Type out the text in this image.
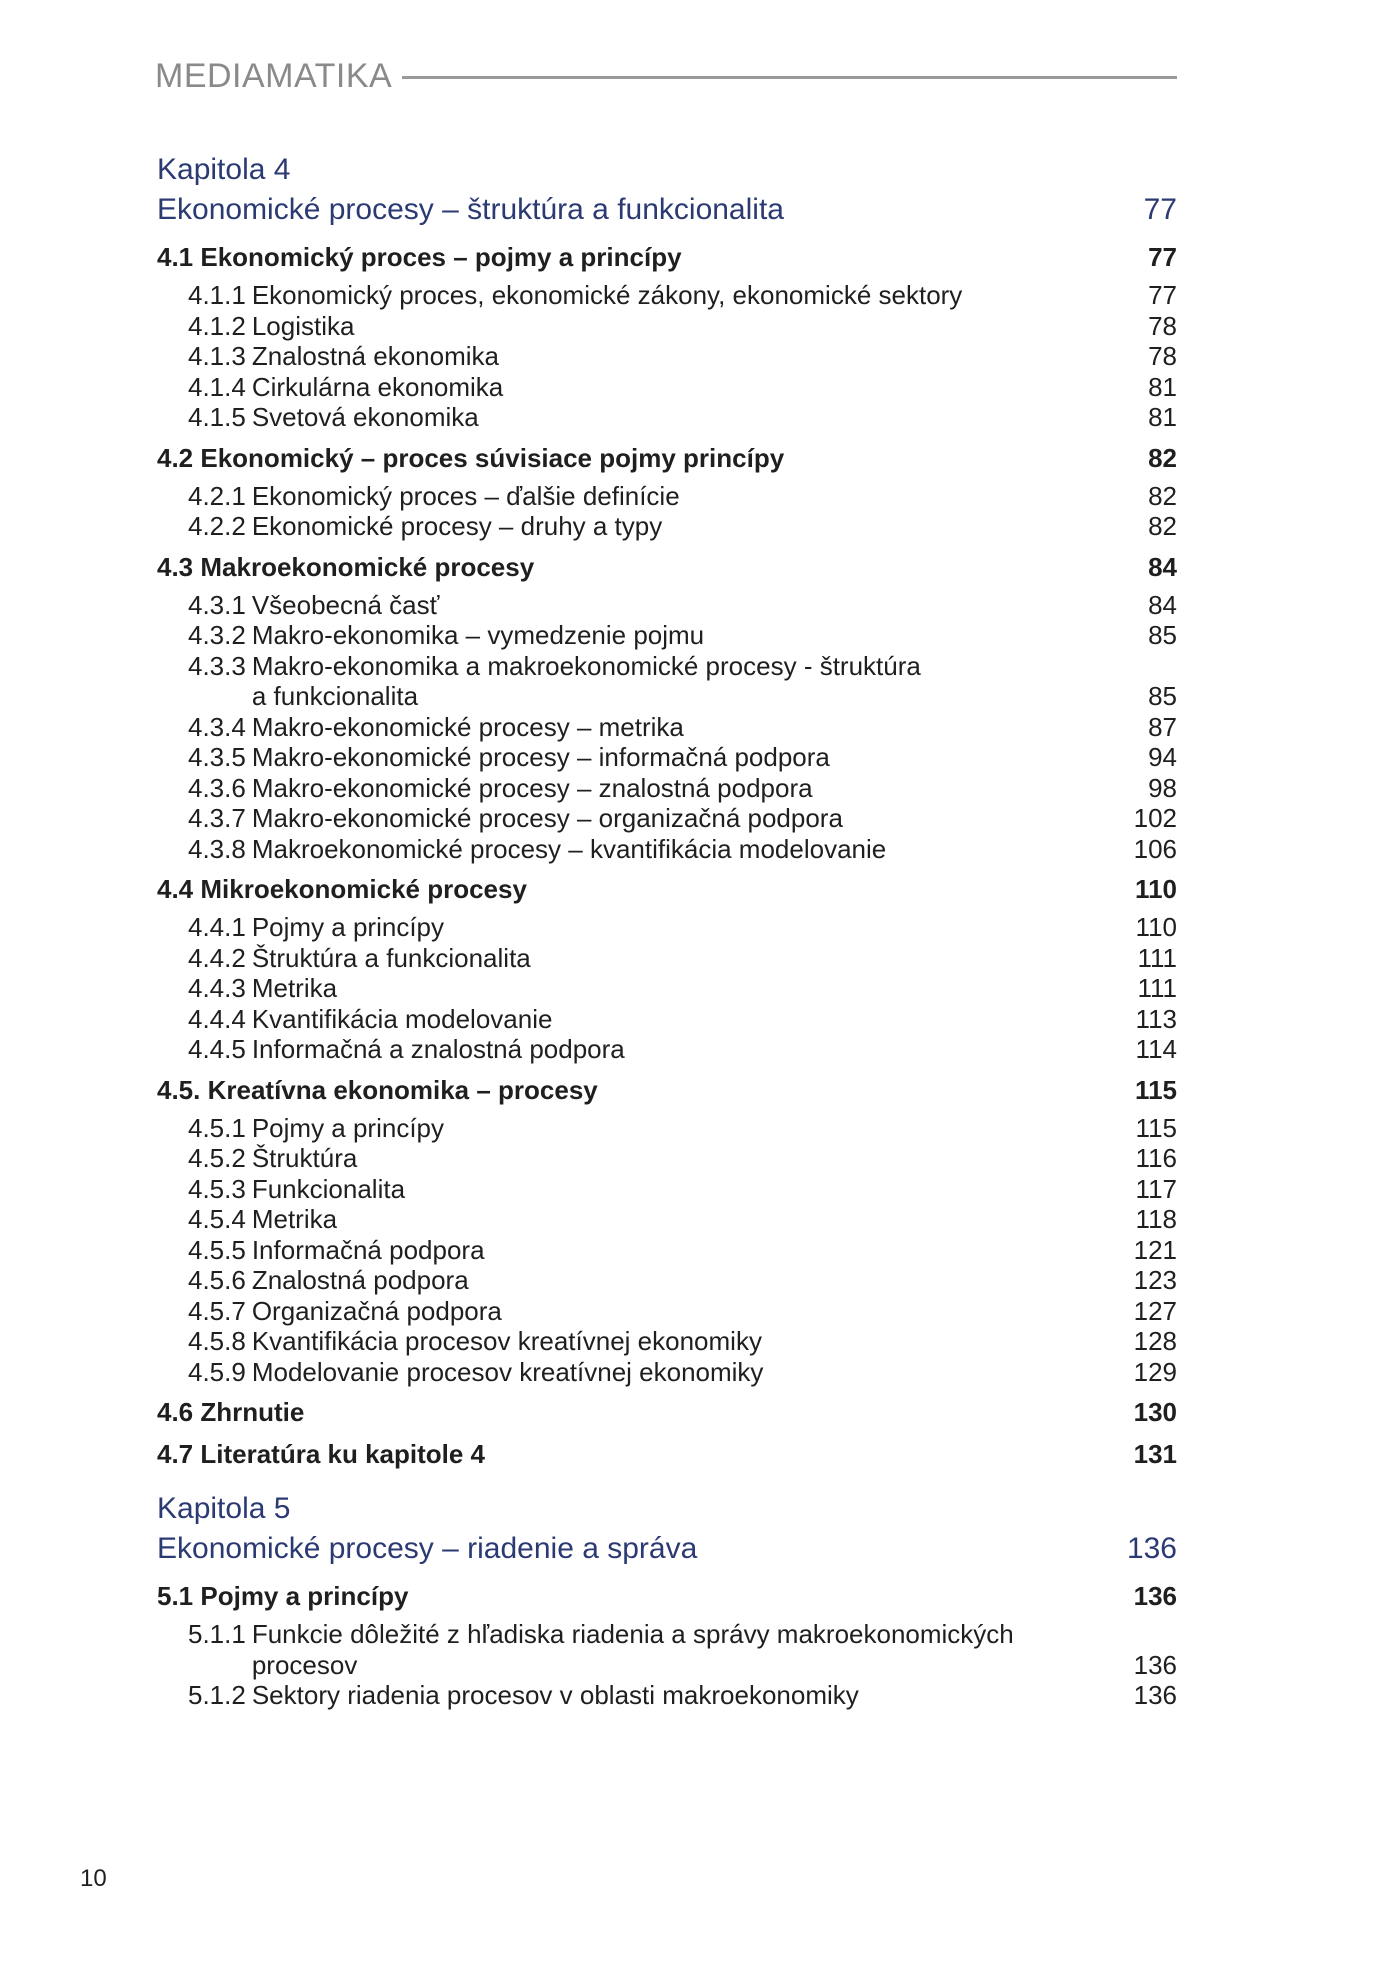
MEDIAMATIKA
Kapitola 4
Ekonomické procesy – štruktúra a funkcionalita	77
4.1 Ekonomický proces – pojmy a princípy	77
4.1.1 Ekonomický proces, ekonomické zákony, ekonomické sektory	77
4.1.2 Logistika	78
4.1.3 Znalostná ekonomika	78
4.1.4 Cirkulárna ekonomika	81
4.1.5 Svetová ekonomika	81
4.2 Ekonomický – proces súvisiace pojmy princípy	82
4.2.1 Ekonomický proces – ďalšie definície	82
4.2.2 Ekonomické procesy – druhy a typy	82
4.3 Makroekonomické procesy	84
4.3.1 Všeobecná časť	84
4.3.2 Makro-ekonomika – vymedzenie pojmu	85
4.3.3 Makro-ekonomika a makroekonomické procesy - štruktúra
a funkcionalita	85
4.3.4 Makro-ekonomické procesy – metrika	87
4.3.5 Makro-ekonomické procesy – informačná podpora	94
4.3.6 Makro-ekonomické procesy – znalostná podpora	98
4.3.7 Makro-ekonomické procesy – organizačná podpora	102
4.3.8 Makroekonomické procesy – kvantifikácia modelovanie	106
4.4 Mikroekonomické procesy	110
4.4.1 Pojmy a princípy	110
4.4.2 Štruktúra a funkcionalita	111
4.4.3 Metrika	111
4.4.4 Kvantifikácia modelovanie	113
4.4.5 Informačná a znalostná podpora	114
4.5. Kreatívna ekonomika – procesy	115
4.5.1 Pojmy a princípy	115
4.5.2 Štruktúra	116
4.5.3 Funkcionalita	117
4.5.4 Metrika	118
4.5.5 Informačná podpora	121
4.5.6 Znalostná podpora	123
4.5.7 Organizačná podpora	127
4.5.8 Kvantifikácia procesov kreatívnej ekonomiky	128
4.5.9 Modelovanie procesov kreatívnej ekonomiky	129
4.6 Zhrnutie	130
4.7 Literatúra ku kapitole 4	131
Kapitola 5
Ekonomické procesy – riadenie a správa	136
5.1 Pojmy a princípy	136
5.1.1 Funkcie dôležité z hľadiska riadenia a správy makroekonomických
procesov	136
5.1.2 Sektory riadenia procesov v oblasti makroekonomiky	136
10
